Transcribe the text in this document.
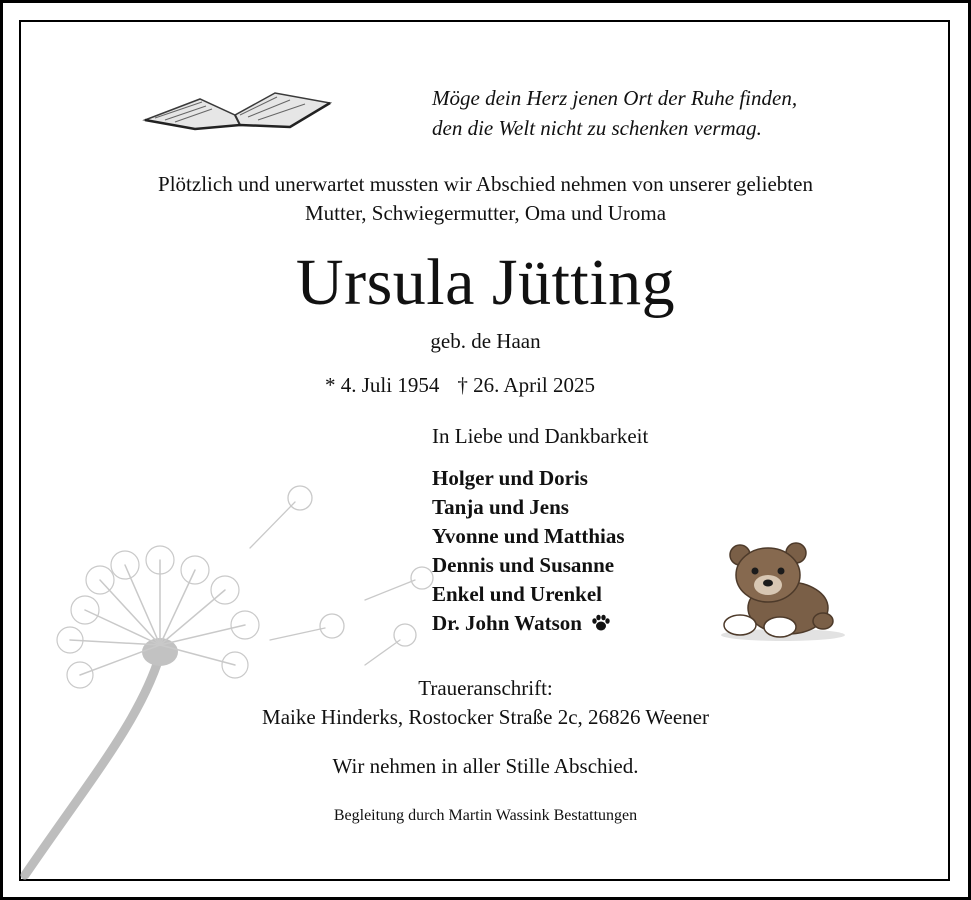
Möge dein Herz jenen Ort der Ruhe finden,
den die Welt nicht zu schenken vermag.
Plötzlich und unerwartet mussten wir Abschied nehmen von unserer geliebten
Mutter, Schwiegermutter, Oma und Uroma
Ursula Jütting
geb. de Haan
* 4. Juli 1954 † 26. April 2025
In Liebe und Dankbarkeit
Holger und Doris
Tanja und Jens
Yvonne und Matthias
Dennis und Susanne
Enkel und Urenkel
Dr. John Watson
Traueranschrift:
Maike Hinderks, Rostocker Straße 2c, 26826 Weener
Wir nehmen in aller Stille Abschied.
Begleitung durch Martin Wassink Bestattungen
